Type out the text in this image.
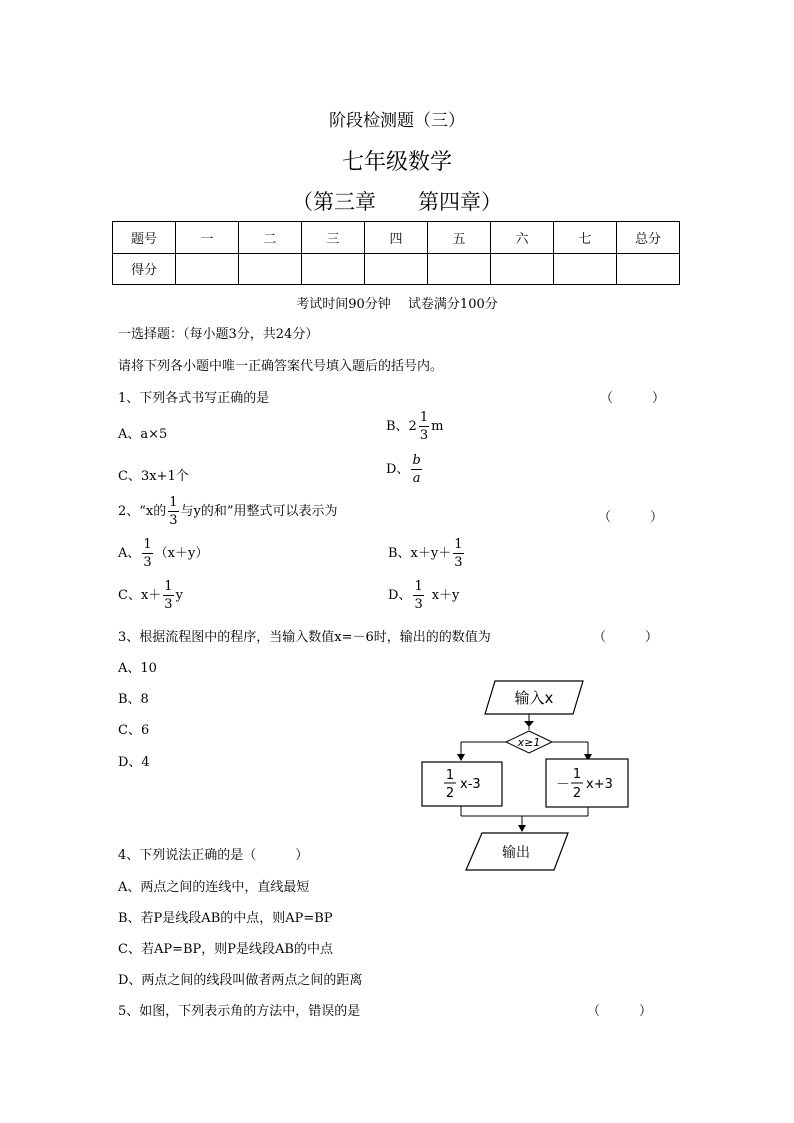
阶段检测题（三）
七年级数学
（第三章　　第四章）
题号	一	二	三	四	五	六	七	总分
得分								
考试时间90分钟　 试卷满分100分
一选择题：（每小题3分，共24分）
请将下列各小题中唯一正确答案代号填入题后的括号内。
1、下列各式书写正确的是	（　　　）
A、a×5
B、$2 \frac{1}{3}$ m
C、3x+1个	D、 $\frac{b}{a}$
2、“x的 $\frac{1}{3}$ 与y的和”用整式可以表示为	（　　　）
A、 $\frac{1}{3} (x+y)$	B、$x+y+ \frac{1}{3}$
C、$x+ \frac{1}{3}$ y	D、 $\frac{1}{3} x+y$
3、根据流程图中的程序，当输入数值x=－6时，输出的的数值为	（　　　）
A、10
B、8
C、6
D、4
输入x
x≥1
1
2
x-3	－
1
2
x+3
输出
4、下列说法正确的是（　　　）
A、两点之间的连线中，直线最短
B、若P是线段AB的中点，则AP=BP
C、若AP=BP，则P是线段AB的中点
D、两点之间的线段叫做者两点之间的距离
5、如图，下列表示角的方法中，错误的是	（　　　）
